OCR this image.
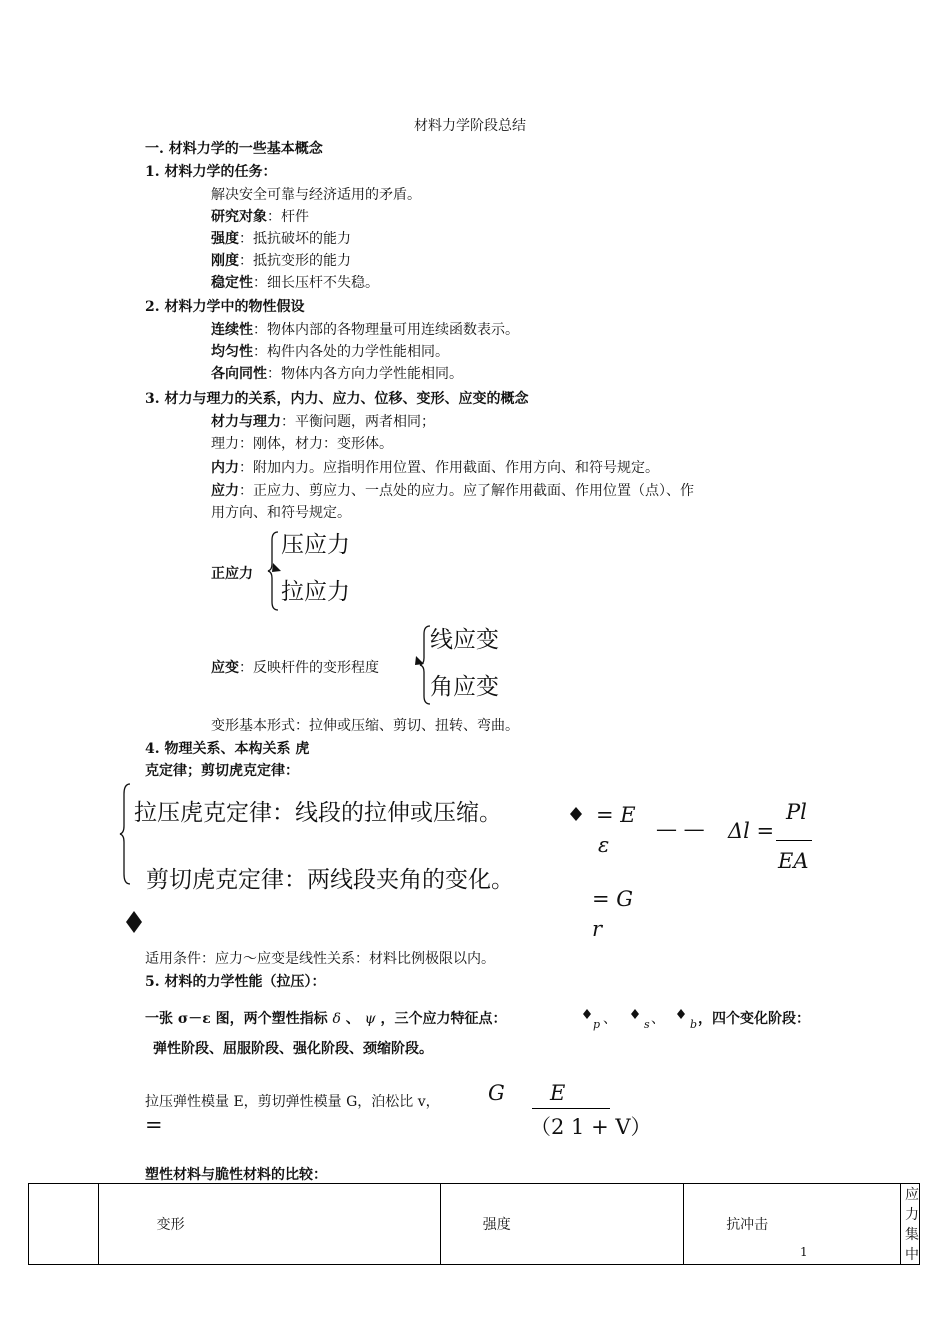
材料力学阶段总结
一. 材料力学的一些基本概念
1. 材料力学的任务：
解决安全可靠与经济适用的矛盾。
研究对象：杆件
强度：抵抗破坏的能力
刚度：抵抗变形的能力
稳定性：细长压杆不失稳。
2. 材料力学中的物性假设
连续性：物体内部的各物理量可用连续函数表示。
均匀性：构件内各处的力学性能相同。
各向同性：物体内各方向力学性能相同。
3. 材力与理力的关系，内力、应力、位移、变形、应变的概念
材力与理力：平衡问题，两者相同；
理力：刚体，材力：变形体。
内力：附加内力。应指明作用位置、作用截面、作用方向、和符号规定。
应力：正应力、剪应力、一点处的应力。应了解作用截面、作用位置（点）、作
用方向、和符号规定。
正应力
压应力
拉应力
应变：反映杆件的变形程度
线应变
角应变
变形基本形式：拉伸或压缩、剪切、扭转、弯曲。
4. 物理关系、本构关系 虎
克定律；剪切虎克定律：
拉压虎克定律：线段的拉伸或压缩。
剪切虎克定律：两线段夹角的变化。
= E
ε
— — Δl =
Pl
EA
= G
r
适用条件：应力～应变是线性关系：材料比例极限以内。
5. 材料的力学性能（拉压）：
一张 σ－ε 图，两个塑性指标 δ 、 ψ ，三个应力特征点：	p 、 s 、 b ，四个变化阶段：
弹性阶段、屈服阶段、强化阶段、颈缩阶段。
拉压弹性模量 E，剪切弹性模量 G，泊松比 v， G
=
E
（2 1 + V）
塑性材料与脆性材料的比较：
	变形	强度	抗冲击	应力集中
1
